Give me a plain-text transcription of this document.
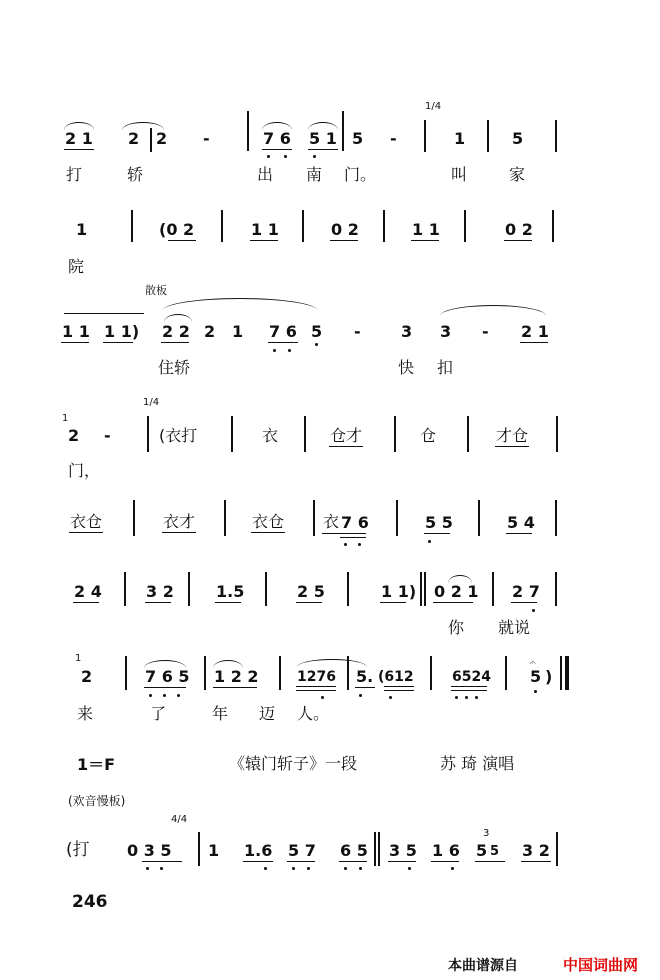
1/4
2 1 2 2 -	7 6 5 1 5 -	1	5
打	轿	出 南 门。	叫	家
1	(0 2	1 1	0 2	1 1	0 2
院
散板
1 1 1 1) 2 2 2 1 7 6 5 -	3 3 - 2 1
住轿	快 扣
1/4
1
2 -	(衣打	衣	仓才	仓	才仓
门，
衣仓	衣才	衣仓 衣 7 6	5 5	5 4
2 4	3 2	1.5	2 5	1 1) 0 2 1 2 7
你 就说
1
2	7 6 5 1 2 2	1276 5. (612	6524
𝄐
5 )
来	了	年 迈 人。
1＝F	《辕门斩子》一段	苏 琦 演唱
(欢音慢板)
4/4
(打 0 3 5 1 1.6 5 7 6 5 3 5 1 6
3
5 5 3 2
246
本曲谱源自	中国词曲网
